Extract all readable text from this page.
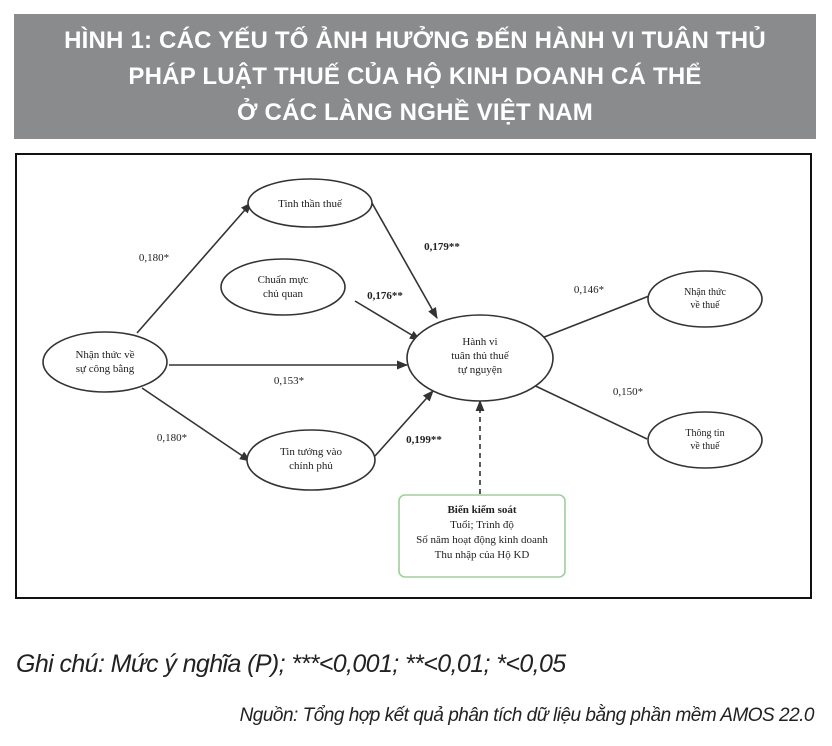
HÌNH 1: CÁC YẾU TỐ ẢNH HƯỞNG ĐẾN HÀNH VI TUÂN THỦ
PHÁP LUẬT THUẾ CỦA HỘ KINH DOANH CÁ THỂ
Ở CÁC LÀNG NGHỀ VIỆT NAM
Tinh thần thuế
Chuẩn mực chủ quan
Nhận thức về sự công bằng
Hành vi tuân thủ thuế tự nguyện
Tin tưởng vào chính phủ
Nhận thức về thuế
Thông tin về thuế
Biến kiểm soát
Tuổi; Trình độ
Số năm hoạt động kinh doanh
Thu nhập của Hộ KD
0,180*
0,179**
0,176**
0,153*
0,180*	0,199**
0,146*
0,150*
Ghi chú: Mức ý nghĩa (P); ***<0,001; **<0,01; *<0,05
Nguồn: Tổng hợp kết quả phân tích dữ liệu bằng phần mềm AMOS 22.0
